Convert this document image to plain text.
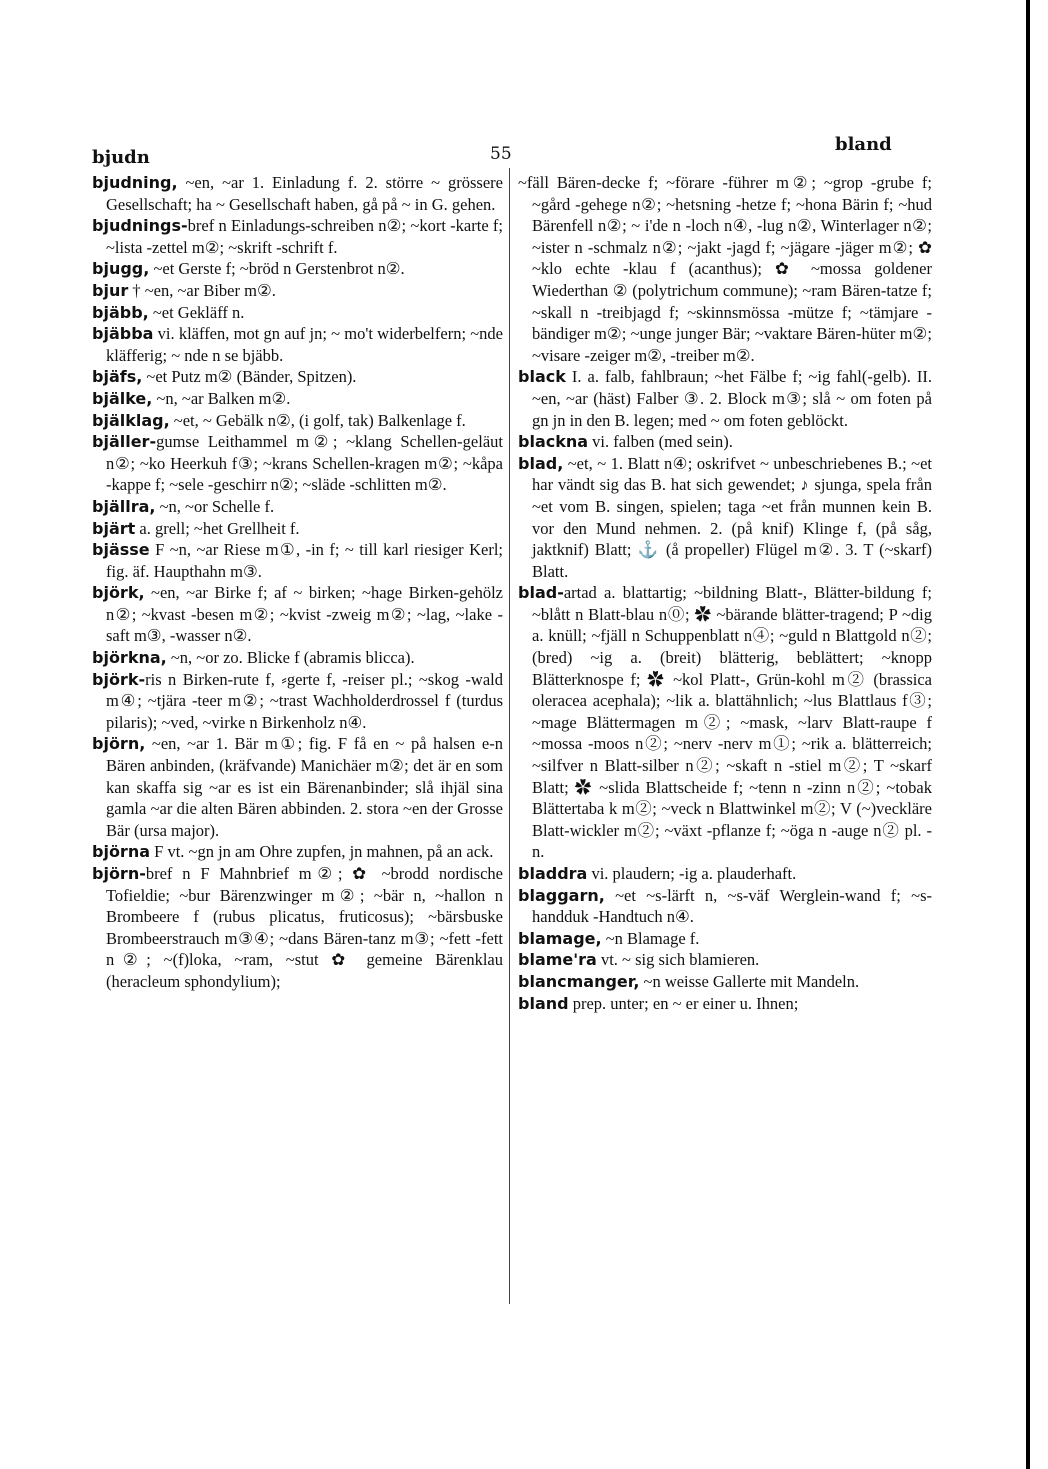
bjudn	55	bland
bjudning, ~en, ~ar 1. Einladung f. 2. större ~ grössere Gesellschaft; ha ~ Gesellschaft haben, gå på ~ in G. gehen.
bjudnings-bref n Einladungs-schreiben n②; ~kort -karte f; ~lista -zettel m②; ~skrift -schrift f.
bjugg, ~et Gerste f; ~bröd n Gerstenbrot n②.
bjur † ~en, ~ar Biber m②.
bjäbb, ~et Gekläff n.
bjäbba vi. kläffen, mot gn auf jn; ~ mo't widerbelfern; ~nde kläfferig; ~ nde n se bjäbb.
bjäfs, ~et Putz m② (Bänder, Spitzen).
bjälke, ~n, ~ar Balken m②.
bjälklag, ~et, ~ Gebälk n②, (i golf, tak) Balkenlage f.
bjäller-gumse Leithammel m②; ~klang Schellen-geläut n②; ~ko Heerkuh f③; ~krans Schellen-kragen m②; ~kåpa -kappe f; ~sele -geschirr n②; ~släde -schlitten m②.
bjällra, ~n, ~or Schelle f.
bjärt a. grell; ~het Grellheit f.
bjässe F ~n, ~ar Riese m①, -in f; ~ till karl riesiger Kerl; fig. äf. Haupthahn m③.
björk, ~en, ~ar Birke f; af ~ birken; ~hage Birken-gehölz n②; ~kvast -besen m②; ~kvist -zweig m②; ~lag, ~lake -saft m③, -wasser n②.
björkna, ~n, ~or zo. Blicke f (abramis blicca).
björk-ris n Birken-rute f, ⸗gerte f, -reiser pl.; ~skog -wald m④; ~tjära -teer m②; ~trast Wachholderdrossel f (turdus pilaris); ~ved, ~virke n Birkenholz n④.
björn, ~en, ~ar 1. Bär m①; fig. F få en ~ på halsen e-n Bären anbinden, (kräfvande) Manichäer m②; det är en som kan skaffa sig ~ar es ist ein Bärenanbinder; slå ihjäl sina gamla ~ar die alten Bären abbinden. 2. stora ~en der Grosse Bär (ursa major).
björna F vt. ~gn jn am Ohre zupfen, jn mahnen, på an ack.
björn-bref n F Mahnbrief m②; ✿ ~brodd nordische Tofieldie; ~bur Bärenzwinger m②; ~bär n, ~hallon n Brombeere f (rubus plicatus, fruticosus); ~bärsbuske Brombeerstrauch m③④; ~dans Bären-tanz m③; ~fett -fett n②; ~(f)loka, ~ram, ~stut ✿ gemeine Bärenklau (heracleum sphondylium);
~fäll Bären-decke f; ~förare -führer m②; ~grop -grube f; ~gård -gehege n②; ~hetsning -hetze f; ~hona Bärin f; ~hud Bärenfell n②; ~ i'de n -loch n④, -lug n②, Winterlager n②; ~ister n -schmalz n②; ~jakt -jagd f; ~jägare -jäger m②; ✿ ~klo echte -klau f (acanthus); ✿ ~mossa goldener Wiederthan ② (polytrichum commune); ~ram Bären-tatze f; ~skall n -treibjagd f; ~skinnsmössa -mütze f; ~tämjare -bändiger m②; ~unge junger Bär; ~vaktare Bären-hüter m②; ~visare -zeiger m②, -treiber m②.
black I. a. falb, fahlbraun; ~het Fälbe f; ~ig fahl(-gelb). II. ~en, ~ar (häst) Falber ③. 2. Block m③; slå ~ om foten på gn jn in den B. legen; med ~ om foten geblöckt.
blackna vi. falben (med sein).
blad, ~et, ~ 1. Blatt n④; oskrifvet ~ unbeschriebenes B.; ~et har vändt sig das B. hat sich gewendet; ♪ sjunga, spela från ~et vom B. singen, spielen; taga ~et från munnen kein B. vor den Mund nehmen. 2. (på knif) Klinge f, (på såg, jaktknif) Blatt; ⚓ (å propeller) Flügel m②. 3. T (~skarf) Blatt.
blad-artad a. blattartig; ~bildning Blatt-, Blätter-bildung f; ~blått n Blatt-blau n⓪; ✿ ~bärande blätter-tragend; P ~dig a. knüll; ~fjäll n Schuppenblatt n④; ~guld n Blattgold n②; (bred) ~ig a. (breit) blätterig, beblättert; ~knopp Blätterknospe f; ✿ ~kol Platt-, Grün-kohl m② (brassica oleracea acephala); ~lik a. blattähnlich; ~lus Blattlaus f③; ~mage Blättermagen m②; ~mask, ~larv Blatt-raupe f ~mossa -moos n②; ~nerv -nerv m①; ~rik a. blätterreich; ~silfver n Blatt-silber n②; ~skaft n -stiel m②; T ~skarf Blatt; ✿ ~slida Blattscheide f; ~tenn n -zinn n②; ~tobak Blättertaba k m②; ~veck n Blattwinkel m②; V (~)veckläre Blatt-wickler m②; ~växt -pflanze f; ~öga n -auge n② pl. -n.
bladdra vi. plaudern; -ig a. plauderhaft.
blaggarn, ~et ~s-lärft n, ~s-väf Werglein-wand f; ~s-handduk -Handtuch n④.
blamage, ~n Blamage f.
blame'ra vt. ~ sig sich blamieren.
blancmanger, ~n weisse Gallerte mit Mandeln.
bland prep. unter; en ~ er einer u. Ihnen;
